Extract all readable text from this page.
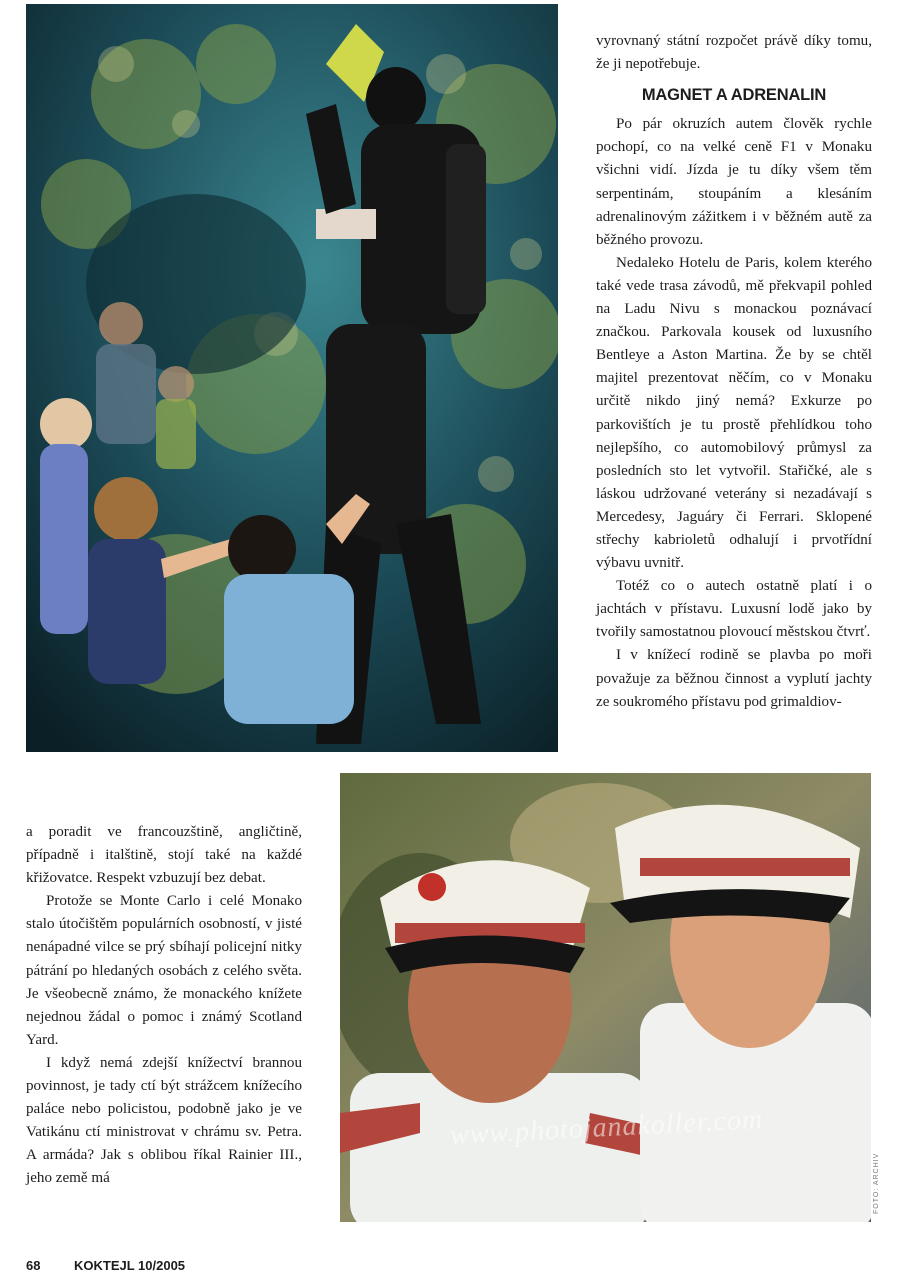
vyrovnaný státní rozpočet právě díky tomu, že ji nepotřebuje.

MAGNET A ADRENALIN

Po pár okruzích autem člověk rychle pochopí, co na velké ceně F1 v Monaku všichni vidí. Jízda je tu díky všem těm serpentinám, stoupáním a klesáním adrenalinovým zážitkem i v běžném autě za běžného provozu.

Nedaleko Hotelu de Paris, kolem kterého také vede trasa závodů, mě překvapil pohled na Ladu Nivu s monackou poznávací značkou. Parkovala kousek od luxusního Bentleye a Aston Martina. Že by se chtěl majitel prezentovat něčím, co v Monaku určitě nikdo jiný nemá? Exkurze po parkovištích je tu prostě přehlídkou toho nejlepšího, co automobilový průmysl za posledních sto let vytvořil. Stařičké, ale s láskou udržované veterány si nezadávají s Mercedesy, Jaguáry či Ferrari. Sklopené střechy kabrioletů odhalují i prvotřídní výbavu uvnitř.

Totéž co o autech ostatně platí i o jachtách v přístavu. Luxusní lodě jako by tvořily samostatnou plovoucí městskou čtvrť.

I v knížecí rodině se plavba po moři považuje za běžnou činnost a vyplutí jachty ze soukromého přístavu pod grimaldiov-

a poradit ve francouzštině, angličtině, případně i italštině, stojí také na každé křižovatce. Respekt vzbuzují bez debat.

Protože se Monte Carlo i celé Monako stalo útočištěm populárních osobností, v jisté nenápadné vilce se prý sbíhají policejní nitky pátrání po hledaných osobách z celého světa. Je všeobecně známo, že monackého knížete nejednou žádal o pomoc i známý Scotland Yard.

I když nemá zdejší knížectví brannou povinnost, je tady ctí být strážcem knížecího paláce nebo policistou, podobně jako je ve Vatikánu ctí ministrovat v chrámu sv. Petra. A armáda? Jak s oblibou říkal Rainier III., jeho země má

www.photojanakoller.com
FOTO: ARCHIV
68	KOKTEJL 10/2005
